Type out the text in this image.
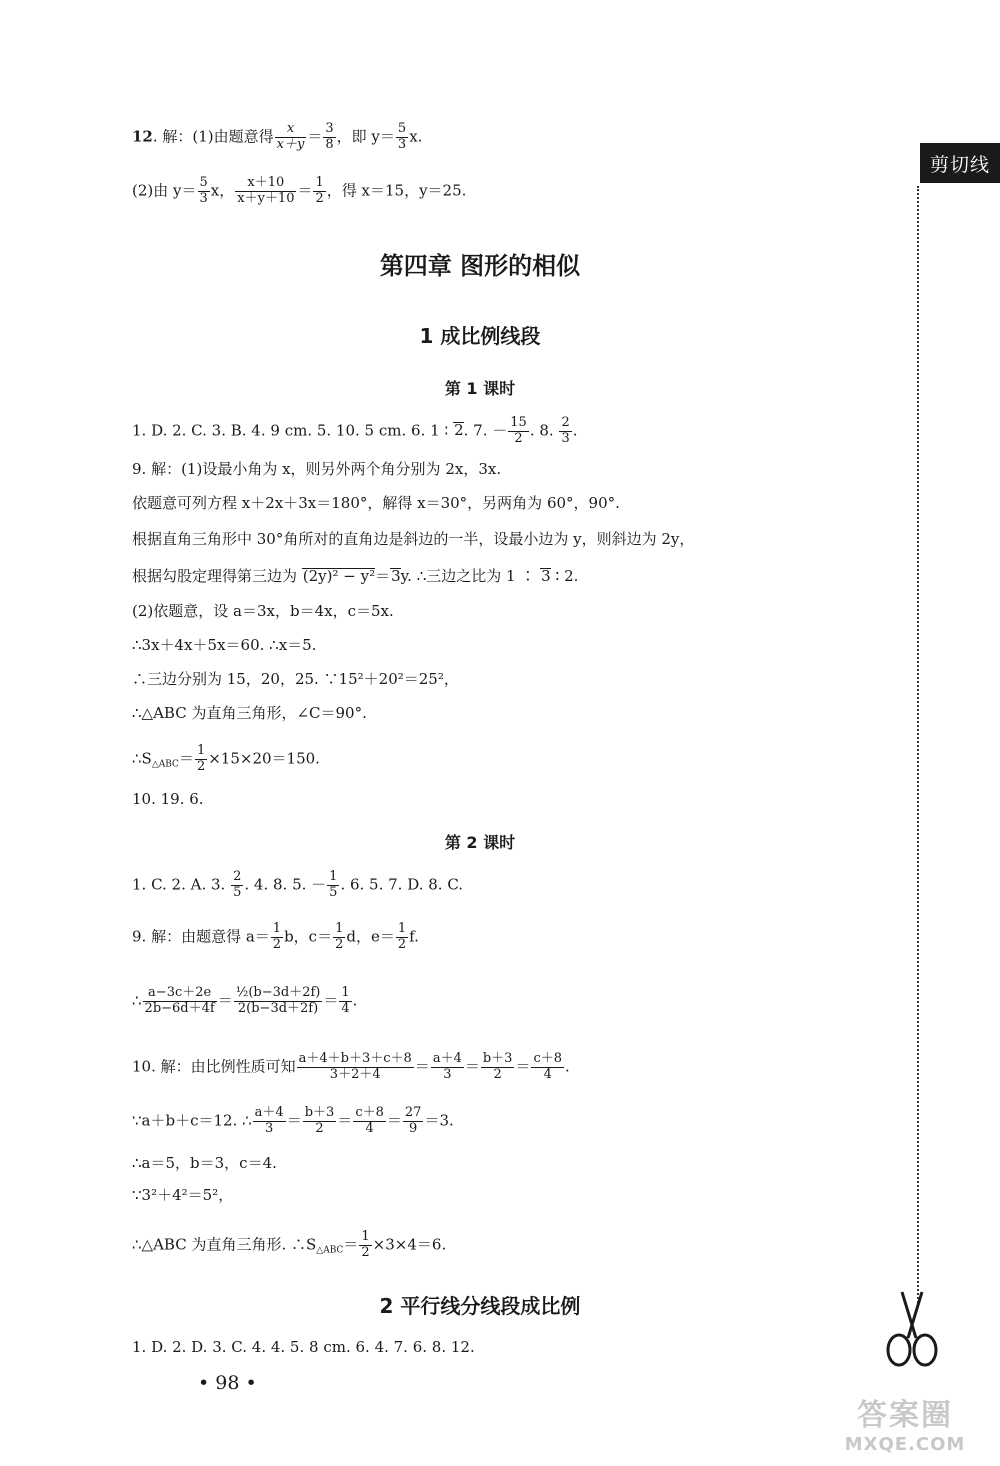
剪切线
12. 解：(1)由题意得 $\frac{x}{x+y} = \frac{3}{8}$ ，即 $y= \frac{5}{3} x$.
(2)由 $y= \frac{5}{3}$ x， $\frac{x+10}{x+y+10} = \frac{1}{2}$ ，得 x＝15，y＝25.
第四章 图形的相似
1 成比例线段
第 1 课时
1. D. 2. C. 3. B. 4. 9 cm. 5. 10. 5 cm. 6. 1 ∶ 2. 7. － $\frac{15}{2}$ . 8. $\frac{2}{3}$ .
9. 解：(1)设最小角为 x，则另外两个角分别为 2x，3x.
依题意可列方程 x＋2x＋3x＝180°，解得 x＝30°，另两角为 60°，90°.
根据直角三角形中 30°角所对的直角边是斜边的一半，设最小边为 y，则斜边为 2y，
根据勾股定理得第三边为 (2y)² − y²＝3y. ∴三边之比为 1 ∶ 3 ∶ 2.
(2)依题意，设 a＝3x，b＝4x，c＝5x.
∴3x＋4x＋5x＝60. ∴x＝5.
∴三边分别为 15，20，25. ∵15²＋20²＝25²，
∴△ABC 为直角三角形，∠C＝90°.
$\therefore S_{\triangle ABC}= \frac{1}{2} \times 15\times 20=150$.
10. 19. 6.
第 2 课时
1. C. 2. A. 3. $\frac{2}{5}$ . 4. 8. 5. － $\frac{1}{5}$ . 6. 5. 7. D. 8. C.
9. 解：由题意得 $a= \frac{1}{2}$ b，$c= \frac{1}{2}$ d，$e= \frac{1}{2} f$.
∴ $\frac{a-3c+2e}{2b-6d+4f} = \frac{\text{½(b−3d＋2f)}}{2(b-3d+2f)} = \frac{1}{4}$ .
10. 解：由比例性质可知 $\frac{a+4+b+3+c+8}{3+2+4} = \frac{a+4}{3} = \frac{b+3}{2} = \frac{c+8}{4}$ .
∵a＋b＋c＝12. ∴ $\frac{a+4}{3} = \frac{b+3}{2} = \frac{c+8}{4} = \frac{27}{9} =3$.
∴a＝5，b＝3，c＝4.
∵3²＋4²＝5²，
∴△ABC 为直角三角形. $\therefore S_{\triangle ABC}= \frac{1}{2} \times 3\times 4=6$.
2 平行线分线段成比例
1. D. 2. D. 3. C. 4. 4. 5. 8 cm. 6. 4. 7. 6. 8. 12.
• 98 •
答案圈
MXQE.COM
